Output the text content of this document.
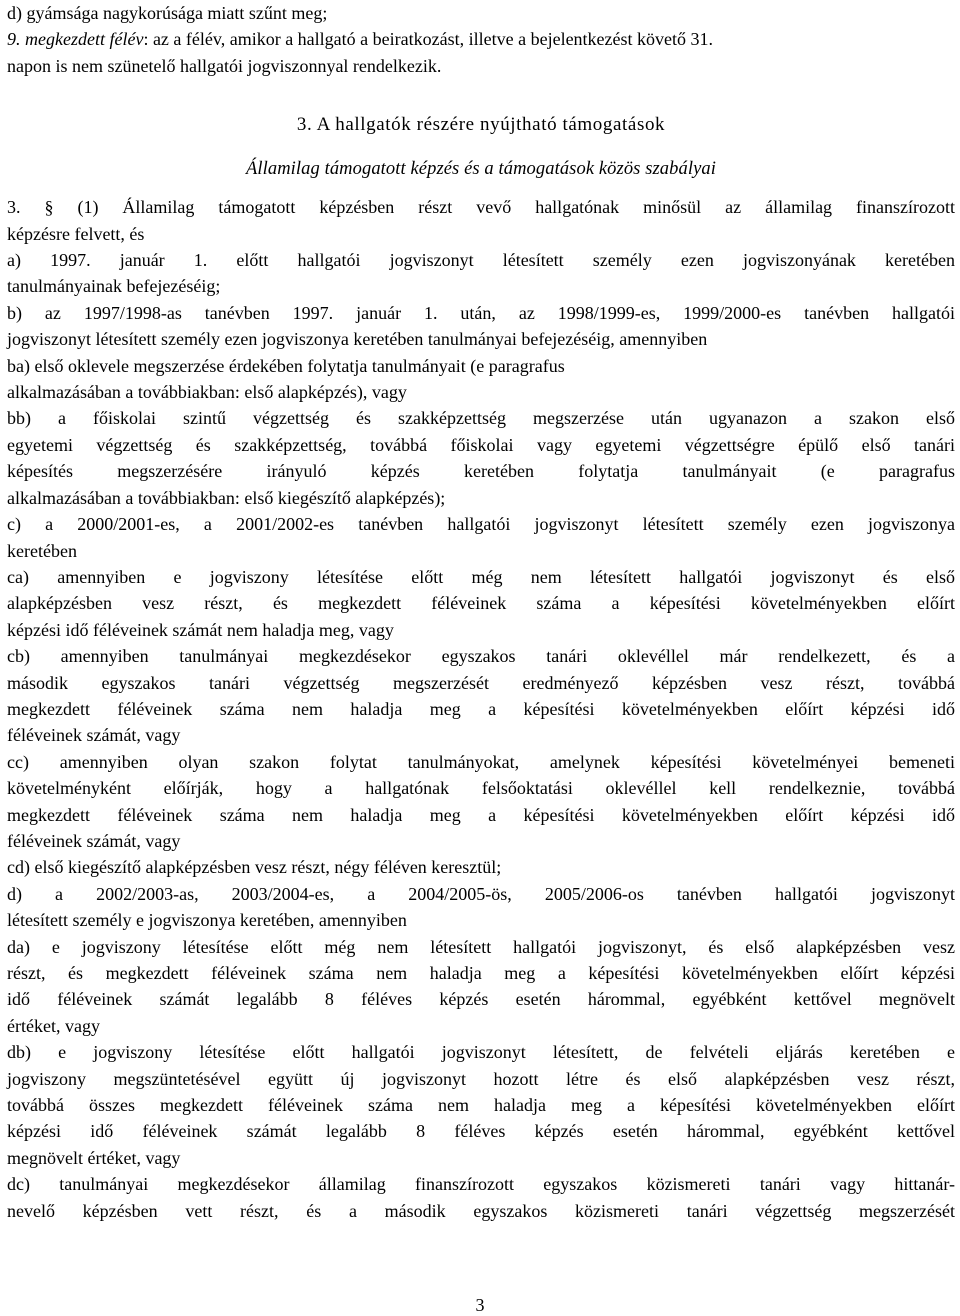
d) gyámsága nagykorúsága miatt szűnt meg;

9. megkezdett félév: az a félév, amikor a hallgató a beiratkozást, illetve a bejelentkezést követő 31.

napon is nem szünetelő hallgatói jogviszonnyal rendelkezik.

3. A hallgatók részére nyújtható támogatások

Államilag támogatott képzés és a támogatások közös szabályai

3. § (1) Államilag támogatott képzésben részt vevő hallgatónak minősül az államilag finanszírozott

képzésre felvett, és

a) 1997. január 1. előtt hallgatói jogviszonyt létesített személy ezen jogviszonyának keretében

tanulmányainak befejezéséig;

b) az 1997/1998-as tanévben 1997. január 1. után, az 1998/1999-es, 1999/2000-es tanévben hallgatói

jogviszonyt létesített személy ezen jogviszonya keretében tanulmányai befejezéséig, amennyiben

ba) első oklevele megszerzése érdekében folytatja tanulmányait (e paragrafus

alkalmazásában a továbbiakban: első alapképzés), vagy

bb) a főiskolai szintű végzettség és szakképzettség megszerzése után ugyanazon a szakon első

egyetemi végzettség és szakképzettség, továbbá főiskolai vagy egyetemi végzettségre épülő első tanári

képesítés megszerzésére irányuló képzés keretében folytatja tanulmányait (e paragrafus

alkalmazásában a továbbiakban: első kiegészítő alapképzés);

c) a 2000/2001-es, a 2001/2002-es tanévben hallgatói jogviszonyt létesített személy ezen jogviszonya

keretében

ca) amennyiben e jogviszony létesítése előtt még nem létesített hallgatói jogviszonyt és első

alapképzésben vesz részt, és megkezdett féléveinek száma a képesítési követelményekben előírt

képzési idő féléveinek számát nem haladja meg, vagy

cb) amennyiben tanulmányai megkezdésekor egyszakos tanári oklevéllel már rendelkezett, és a

második egyszakos tanári végzettség megszerzését eredményező képzésben vesz részt, továbbá

megkezdett féléveinek száma nem haladja meg a képesítési követelményekben előírt képzési idő

féléveinek számát, vagy

cc) amennyiben olyan szakon folytat tanulmányokat, amelynek képesítési követelményei bemeneti

követelményként előírják, hogy a hallgatónak felsőoktatási oklevéllel kell rendelkeznie, továbbá

megkezdett féléveinek száma nem haladja meg a képesítési követelményekben előírt képzési idő

féléveinek számát, vagy

cd) első kiegészítő alapképzésben vesz részt, négy féléven keresztül;

d) a 2002/2003-as, 2003/2004-es, a 2004/2005-ös, 2005/2006-os tanévben hallgatói jogviszonyt

létesített személy e jogviszonya keretében, amennyiben

da) e jogviszony létesítése előtt még nem létesített hallgatói jogviszonyt, és első alapképzésben vesz

részt, és megkezdett féléveinek száma nem haladja meg a képesítési követelményekben előírt képzési

idő féléveinek számát legalább 8 féléves képzés esetén hárommal, egyébként kettővel megnövelt

értéket, vagy

db) e jogviszony létesítése előtt hallgatói jogviszonyt létesített, de felvételi eljárás keretében e

jogviszony megszüntetésével együtt új jogviszonyt hozott létre és első alapképzésben vesz részt,

továbbá összes megkezdett féléveinek száma nem haladja meg a képesítési követelményekben előírt

képzési idő féléveinek számát legalább 8 féléves képzés esetén hárommal, egyébként kettővel

megnövelt értéket, vagy

dc) tanulmányai megkezdésekor államilag finanszírozott egyszakos közismereti tanári vagy hittanár-

nevelő képzésben vett részt, és a második egyszakos közismereti tanári végzettség megszerzését

3
